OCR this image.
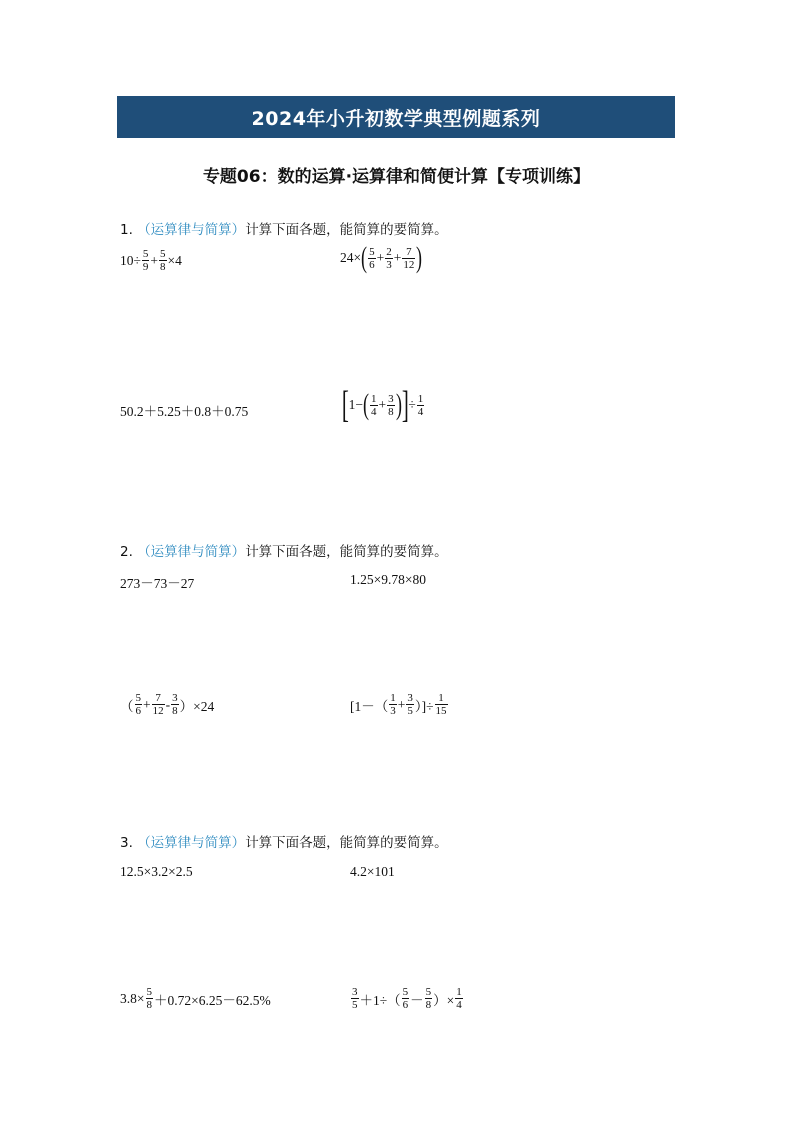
2024年小升初数学典型例题系列
专题06：数的运算·运算律和简便计算【专项训练】
1. （运算律与简算）计算下面各题，能简算的要简算。
$10\div \frac{5}{9} + \frac{5}{8} \times 4$	24× ( 5
$6 + \frac{2}{3} + \frac{7}{12}$ )
50.2＋5.25＋0.8＋0.75 [ 1− ( 1
$4 + \frac{3}{8}$ ) ] ÷ $\frac{1}{4}$
2. （运算律与简算）计算下面各题，能简算的要简算。
273－73－27	1.25×9.78×80
（
5
$6 + \frac{7}{12} - 3$
8 ）×24	[1－（
1
$3 + \frac{3}{5}$ ）]÷ $\frac{1}{15}$
3. （运算律与简算）计算下面各题，能简算的要简算。
12.5×3.2×2.5	4.2×101
$3.8\times \frac{5}{8} +0.72\times 6.25-62.5\%$
3
5 ＋1÷（
5
6 －
5
8 ）× $\frac{1}{4}$
